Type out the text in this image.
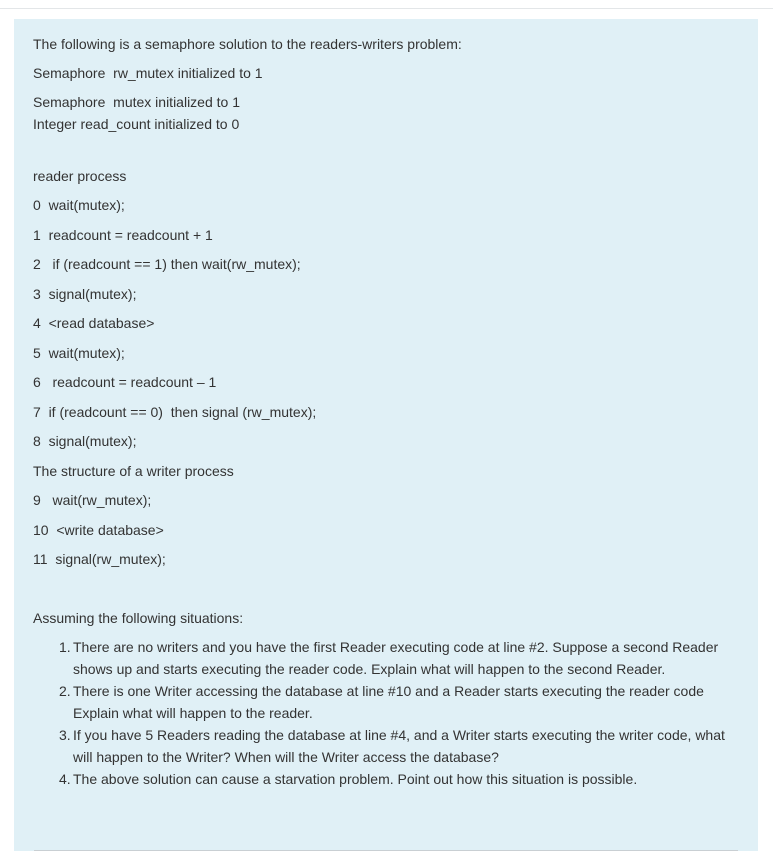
The following is a semaphore solution to the readers-writers problem:
Semaphore  rw_mutex initialized to 1
Semaphore  mutex initialized to 1
Integer read_count initialized to 0
reader process
0  wait(mutex);
1  readcount = readcount + 1
2   if (readcount == 1) then wait(rw_mutex);
3  signal(mutex);
4  <read database>
5  wait(mutex);
6   readcount = readcount – 1
7  if (readcount == 0)  then signal (rw_mutex);
8  signal(mutex);
The structure of a writer process
9   wait(rw_mutex);
10  <write database>
11  signal(rw_mutex);
Assuming the following situations:
1. There are no writers and you have the first Reader executing code at line #2. Suppose a second Reader shows up and starts executing the reader code. Explain what will happen to the second Reader.
2. There is one Writer accessing the database at line #10 and a Reader starts executing the reader code Explain what will happen to the reader.
3. If you have 5 Readers reading the database at line #4, and a Writer starts executing the writer code, what will happen to the Writer? When will the Writer access the database?
4. The above solution can cause a starvation problem. Point out how this situation is possible.
